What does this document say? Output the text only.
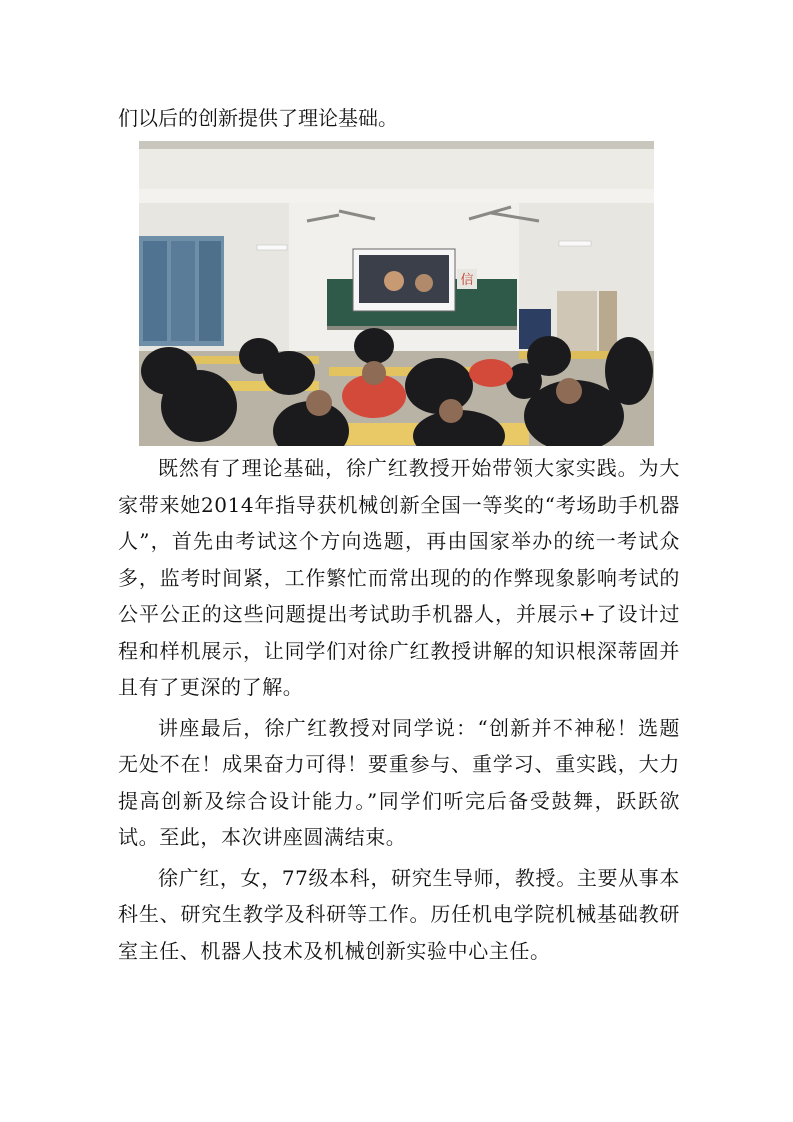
们以后的创新提供了理论基础。

信

既然有了理论基础，徐广红教授开始带领大家实践。为大家带来她2014年指导获机械创新全国一等奖的“考场助手机器人”，首先由考试这个方向选题，再由国家举办的统一考试众多，监考时间紧，工作繁忙而常出现的的作弊现象影响考试的公平公正的这些问题提出考试助手机器人，并展示+了设计过程和样机展示，让同学们对徐广红教授讲解的知识根深蒂固并且有了更深的了解。

讲座最后，徐广红教授对同学说：“创新并不神秘！选题无处不在！成果奋力可得！要重参与、重学习、重实践，大力提高创新及综合设计能力。”同学们听完后备受鼓舞，跃跃欲试。至此，本次讲座圆满结束。

徐广红，女，77级本科，研究生导师，教授。主要从事本科生、研究生教学及科研等工作。历任机电学院机械基础教研室主任、机器人技术及机械创新实验中心主任。
